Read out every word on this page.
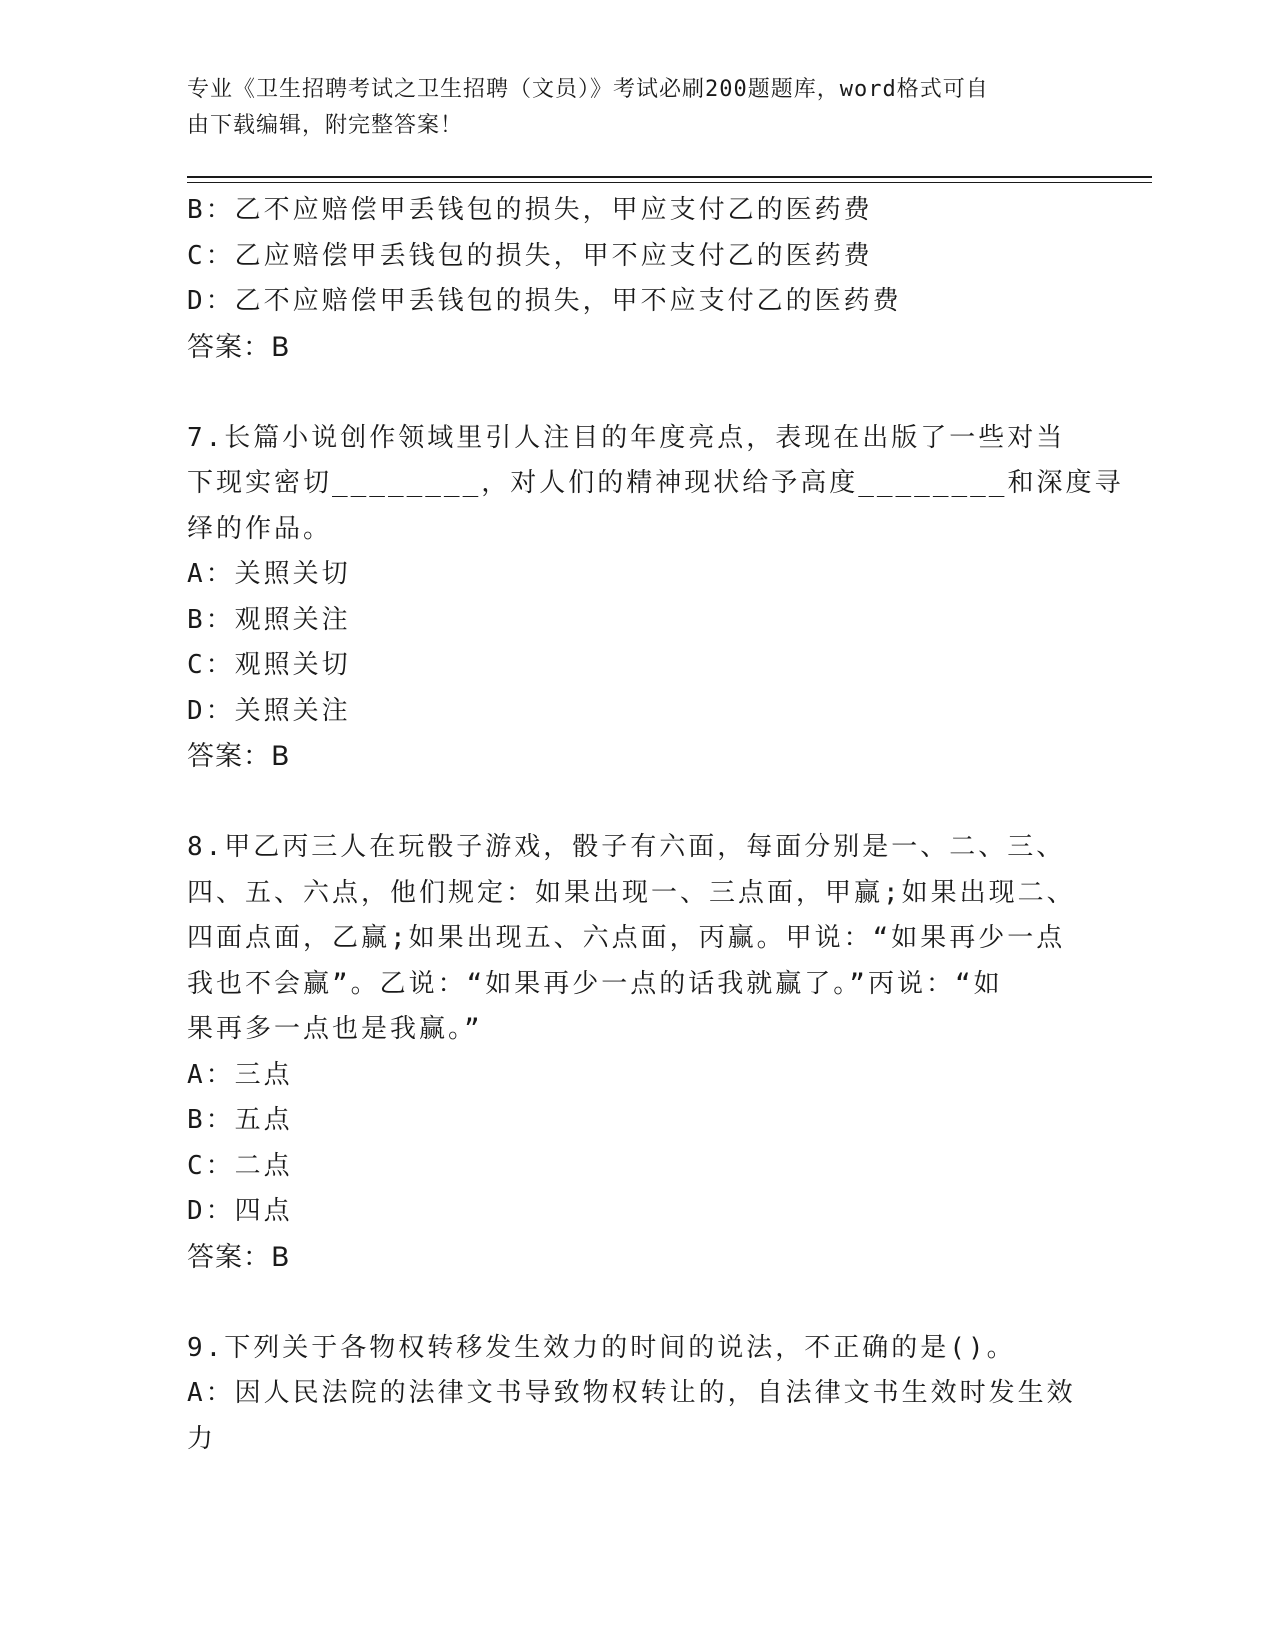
专业《卫生招聘考试之卫生招聘（文员）》考试必刷200题题库，word格式可自
由下载编辑，附完整答案！
B：乙不应赔偿甲丢钱包的损失，甲应支付乙的医药费
C：乙应赔偿甲丢钱包的损失，甲不应支付乙的医药费
D：乙不应赔偿甲丢钱包的损失，甲不应支付乙的医药费
答案：B
7.长篇小说创作领域里引人注目的年度亮点，表现在出版了一些对当
下现实密切________，对人们的精神现状给予高度________和深度寻
绎的作品。
A：关照关切
B：观照关注
C：观照关切
D：关照关注
答案：B
8.甲乙丙三人在玩骰子游戏，骰子有六面，每面分别是一、二、三、
四、五、六点，他们规定：如果出现一、三点面，甲赢;如果出现二、
四面点面，乙赢;如果出现五、六点面，丙赢。甲说：“如果再少一点
我也不会赢”。乙说：“如果再少一点的话我就赢了。”丙说：“如
果再多一点也是我赢。”
A：三点
B：五点
C：二点
D：四点
答案：B
9.下列关于各物权转移发生效力的时间的说法，不正确的是()。
A：因人民法院的法律文书导致物权转让的，自法律文书生效时发生效
力
